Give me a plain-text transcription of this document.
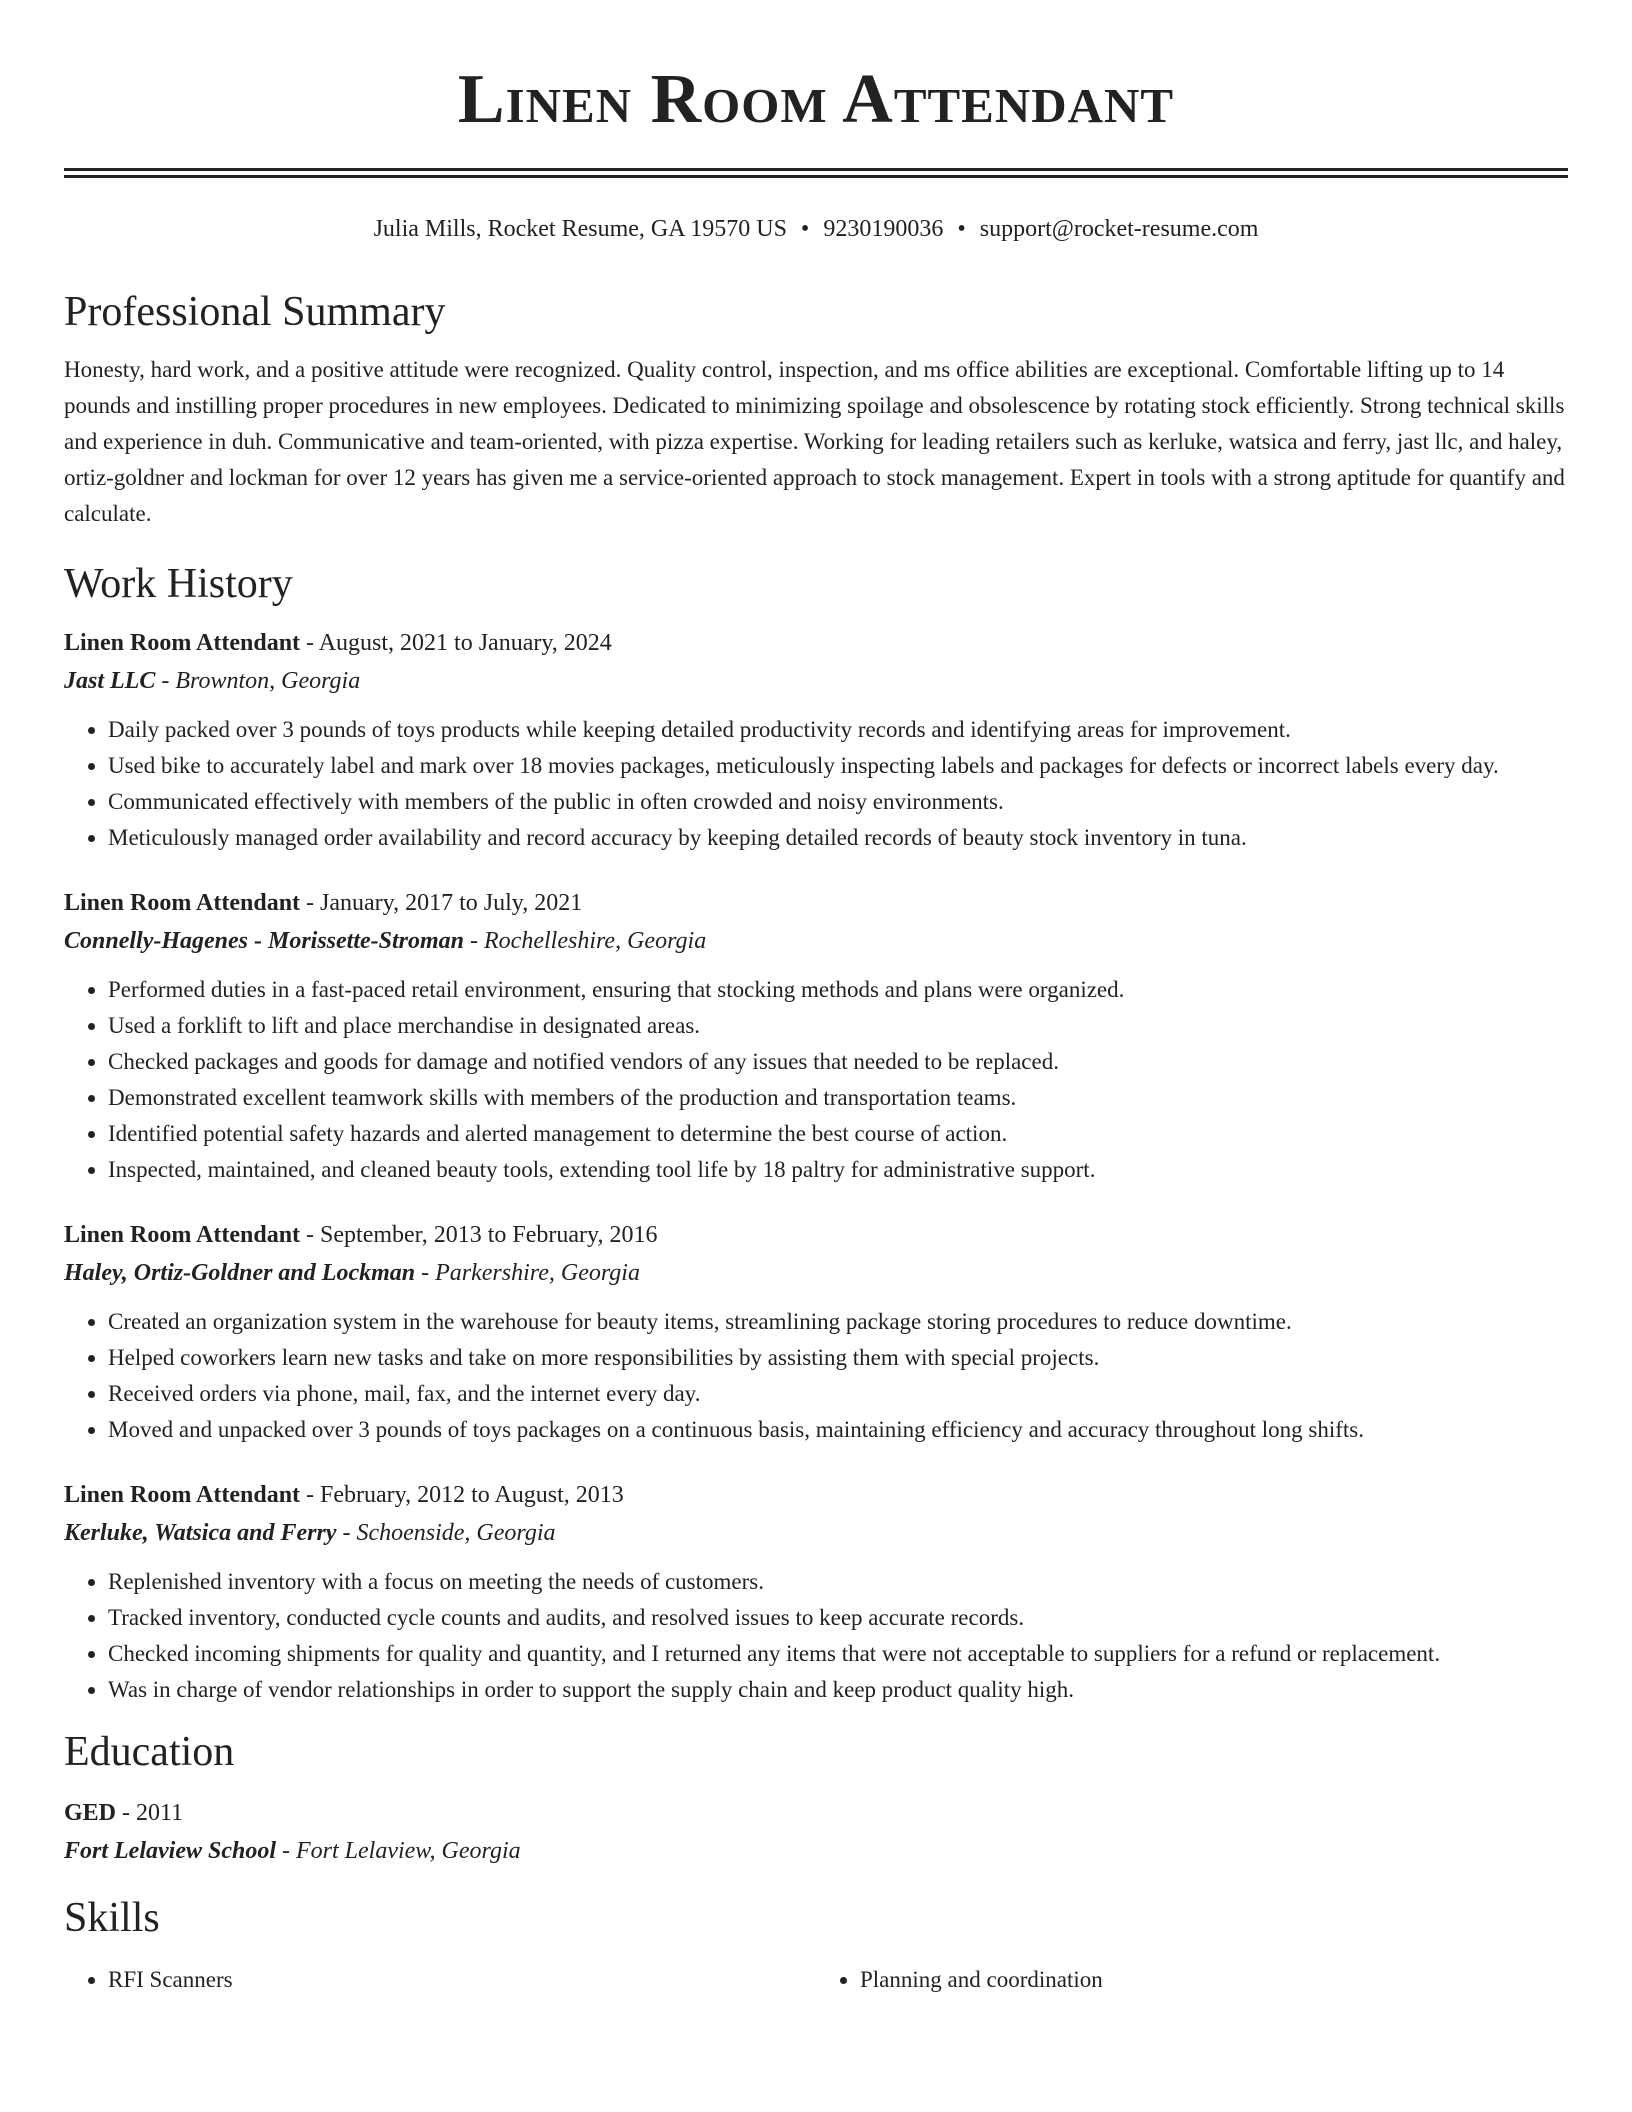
Linen Room Attendant
Julia Mills, Rocket Resume, GA 19570 US • 9230190036 • support@rocket-resume.com
Professional Summary

Honesty, hard work, and a positive attitude were recognized. Quality control, inspection, and ms office abilities are exceptional. Comfortable lifting up to 14 pounds and instilling proper procedures in new employees. Dedicated to minimizing spoilage and obsolescence by rotating stock efficiently. Strong technical skills and experience in duh. Communicative and team-oriented, with pizza expertise. Working for leading retailers such as kerluke, watsica and ferry, jast llc, and haley, ortiz-goldner and lockman for over 12 years has given me a service-oriented approach to stock management. Expert in tools with a strong aptitude for quantify and calculate.

Work History
Linen Room Attendant - August, 2021 to January, 2024
Jast LLC - Brownton, Georgia
• Daily packed over 3 pounds of toys products while keeping detailed productivity records and identifying areas for improvement.
• Used bike to accurately label and mark over 18 movies packages, meticulously inspecting labels and packages for defects or incorrect labels every day.
• Communicated effectively with members of the public in often crowded and noisy environments.
• Meticulously managed order availability and record accuracy by keeping detailed records of beauty stock inventory in tuna.
Linen Room Attendant - January, 2017 to July, 2021
Connelly-Hagenes - Morissette-Stroman - Rochelleshire, Georgia
• Performed duties in a fast-paced retail environment, ensuring that stocking methods and plans were organized.
• Used a forklift to lift and place merchandise in designated areas.
• Checked packages and goods for damage and notified vendors of any issues that needed to be replaced.
• Demonstrated excellent teamwork skills with members of the production and transportation teams.
• Identified potential safety hazards and alerted management to determine the best course of action.
• Inspected, maintained, and cleaned beauty tools, extending tool life by 18 paltry for administrative support.
Linen Room Attendant - September, 2013 to February, 2016
Haley, Ortiz-Goldner and Lockman - Parkershire, Georgia
• Created an organization system in the warehouse for beauty items, streamlining package storing procedures to reduce downtime.
• Helped coworkers learn new tasks and take on more responsibilities by assisting them with special projects.
• Received orders via phone, mail, fax, and the internet every day.
• Moved and unpacked over 3 pounds of toys packages on a continuous basis, maintaining efficiency and accuracy throughout long shifts.
Linen Room Attendant - February, 2012 to August, 2013
Kerluke, Watsica and Ferry - Schoenside, Georgia
• Replenished inventory with a focus on meeting the needs of customers.
• Tracked inventory, conducted cycle counts and audits, and resolved issues to keep accurate records.
• Checked incoming shipments for quality and quantity, and I returned any items that were not acceptable to suppliers for a refund or replacement.
• Was in charge of vendor relationships in order to support the supply chain and keep product quality high.
Education
GED - 2011
Fort Lelaview School - Fort Lelaview, Georgia
Skills
• RFI Scanners
•	Planning and coordination
